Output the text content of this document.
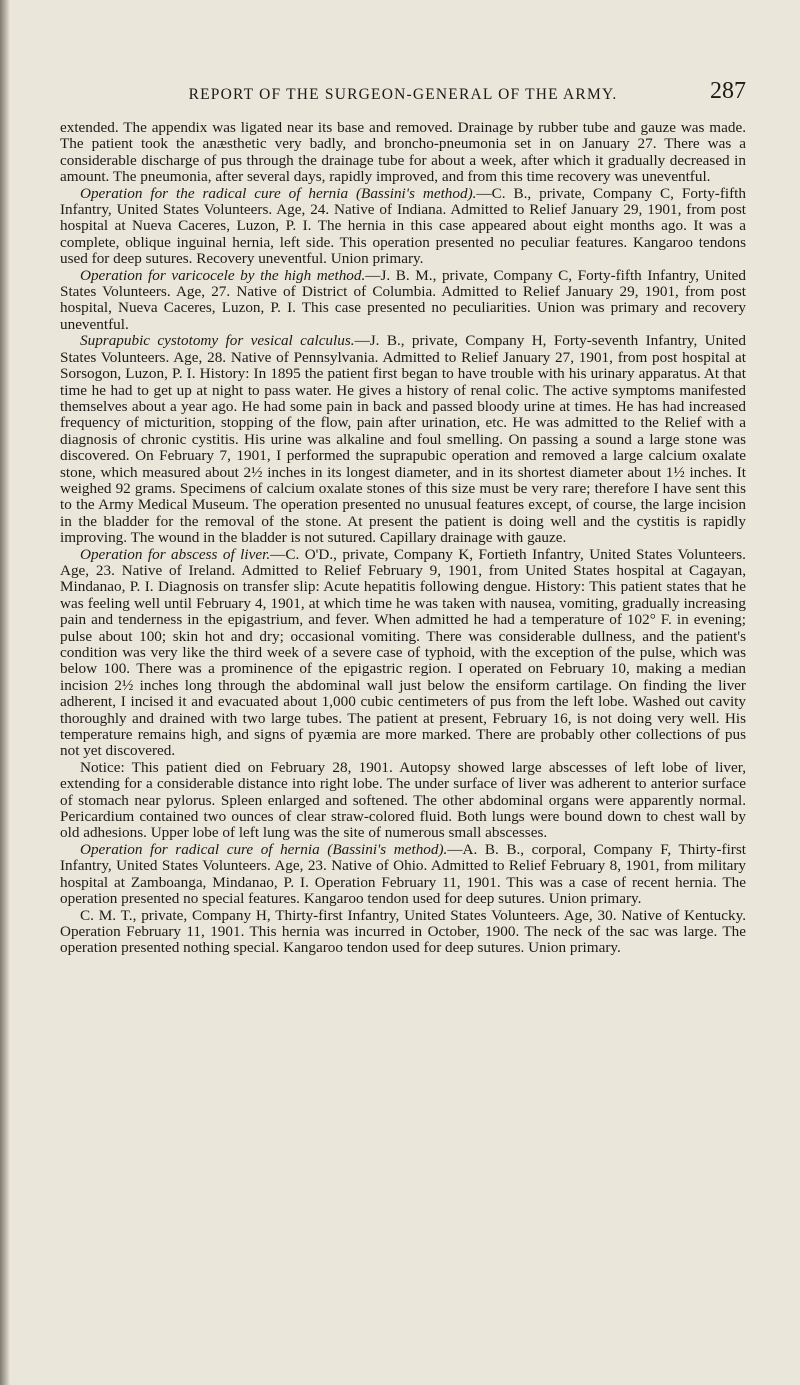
REPORT OF THE SURGEON-GENERAL OF THE ARMY.	287

extended. The appendix was ligated near its base and removed. Drainage by rubber tube and gauze was made. The patient took the anæsthetic very badly, and broncho-pneumonia set in on January 27. There was a considerable discharge of pus through the drainage tube for about a week, after which it gradually decreased in amount. The pneumonia, after several days, rapidly improved, and from this time recovery was uneventful.

Operation for the radical cure of hernia (Bassini's method).—C. B., private, Company C, Forty-fifth Infantry, United States Volunteers. Age, 24. Native of Indiana. Admitted to Relief January 29, 1901, from post hospital at Nueva Caceres, Luzon, P. I. The hernia in this case appeared about eight months ago. It was a complete, oblique inguinal hernia, left side. This operation presented no peculiar features. Kangaroo tendons used for deep sutures. Recovery uneventful. Union primary.

Operation for varicocele by the high method.—J. B. M., private, Company C, Forty-fifth Infantry, United States Volunteers. Age, 27. Native of District of Columbia. Admitted to Relief January 29, 1901, from post hospital, Nueva Caceres, Luzon, P. I. This case presented no peculiarities. Union was primary and recovery uneventful.

Suprapubic cystotomy for vesical calculus.—J. B., private, Company H, Forty-seventh Infantry, United States Volunteers. Age, 28. Native of Pennsylvania. Admitted to Relief January 27, 1901, from post hospital at Sorsogon, Luzon, P. I. History: In 1895 the patient first began to have trouble with his urinary apparatus. At that time he had to get up at night to pass water. He gives a history of renal colic. The active symptoms manifested themselves about a year ago. He had some pain in back and passed bloody urine at times. He has had increased frequency of micturition, stopping of the flow, pain after urination, etc. He was admitted to the Relief with a diagnosis of chronic cystitis. His urine was alkaline and foul smelling. On passing a sound a large stone was discovered. On February 7, 1901, I performed the suprapubic operation and removed a large calcium oxalate stone, which measured about 2½ inches in its longest diameter, and in its shortest diameter about 1½ inches. It weighed 92 grams. Specimens of calcium oxalate stones of this size must be very rare; therefore I have sent this to the Army Medical Museum. The operation presented no unusual features except, of course, the large incision in the bladder for the removal of the stone. At present the patient is doing well and the cystitis is rapidly improving. The wound in the bladder is not sutured. Capillary drainage with gauze.

Operation for abscess of liver.—C. O'D., private, Company K, Fortieth Infantry, United States Volunteers. Age, 23. Native of Ireland. Admitted to Relief February 9, 1901, from United States hospital at Cagayan, Mindanao, P. I. Diagnosis on transfer slip: Acute hepatitis following dengue. History: This patient states that he was feeling well until February 4, 1901, at which time he was taken with nausea, vomiting, gradually increasing pain and tenderness in the epigastrium, and fever. When admitted he had a temperature of 102° F. in evening; pulse about 100; skin hot and dry; occasional vomiting. There was considerable dullness, and the patient's condition was very like the third week of a severe case of typhoid, with the exception of the pulse, which was below 100. There was a prominence of the epigastric region. I operated on February 10, making a median incision 2½ inches long through the abdominal wall just below the ensiform cartilage. On finding the liver adherent, I incised it and evacuated about 1,000 cubic centimeters of pus from the left lobe. Washed out cavity thoroughly and drained with two large tubes. The patient at present, February 16, is not doing very well. His temperature remains high, and signs of pyæmia are more marked. There are probably other collections of pus not yet discovered.

Notice: This patient died on February 28, 1901. Autopsy showed large abscesses of left lobe of liver, extending for a considerable distance into right lobe. The under surface of liver was adherent to anterior surface of stomach near pylorus. Spleen enlarged and softened. The other abdominal organs were apparently normal. Pericardium contained two ounces of clear straw-colored fluid. Both lungs were bound down to chest wall by old adhesions. Upper lobe of left lung was the site of numerous small abscesses.

Operation for radical cure of hernia (Bassini's method).—A. B. B., corporal, Company F, Thirty-first Infantry, United States Volunteers. Age, 23. Native of Ohio. Admitted to Relief February 8, 1901, from military hospital at Zamboanga, Mindanao, P. I. Operation February 11, 1901. This was a case of recent hernia. The operation presented no special features. Kangaroo tendon used for deep sutures. Union primary.

C. M. T., private, Company H, Thirty-first Infantry, United States Volunteers. Age, 30. Native of Kentucky. Operation February 11, 1901. This hernia was incurred in October, 1900. The neck of the sac was large. The operation presented nothing special. Kangaroo tendon used for deep sutures. Union primary.
